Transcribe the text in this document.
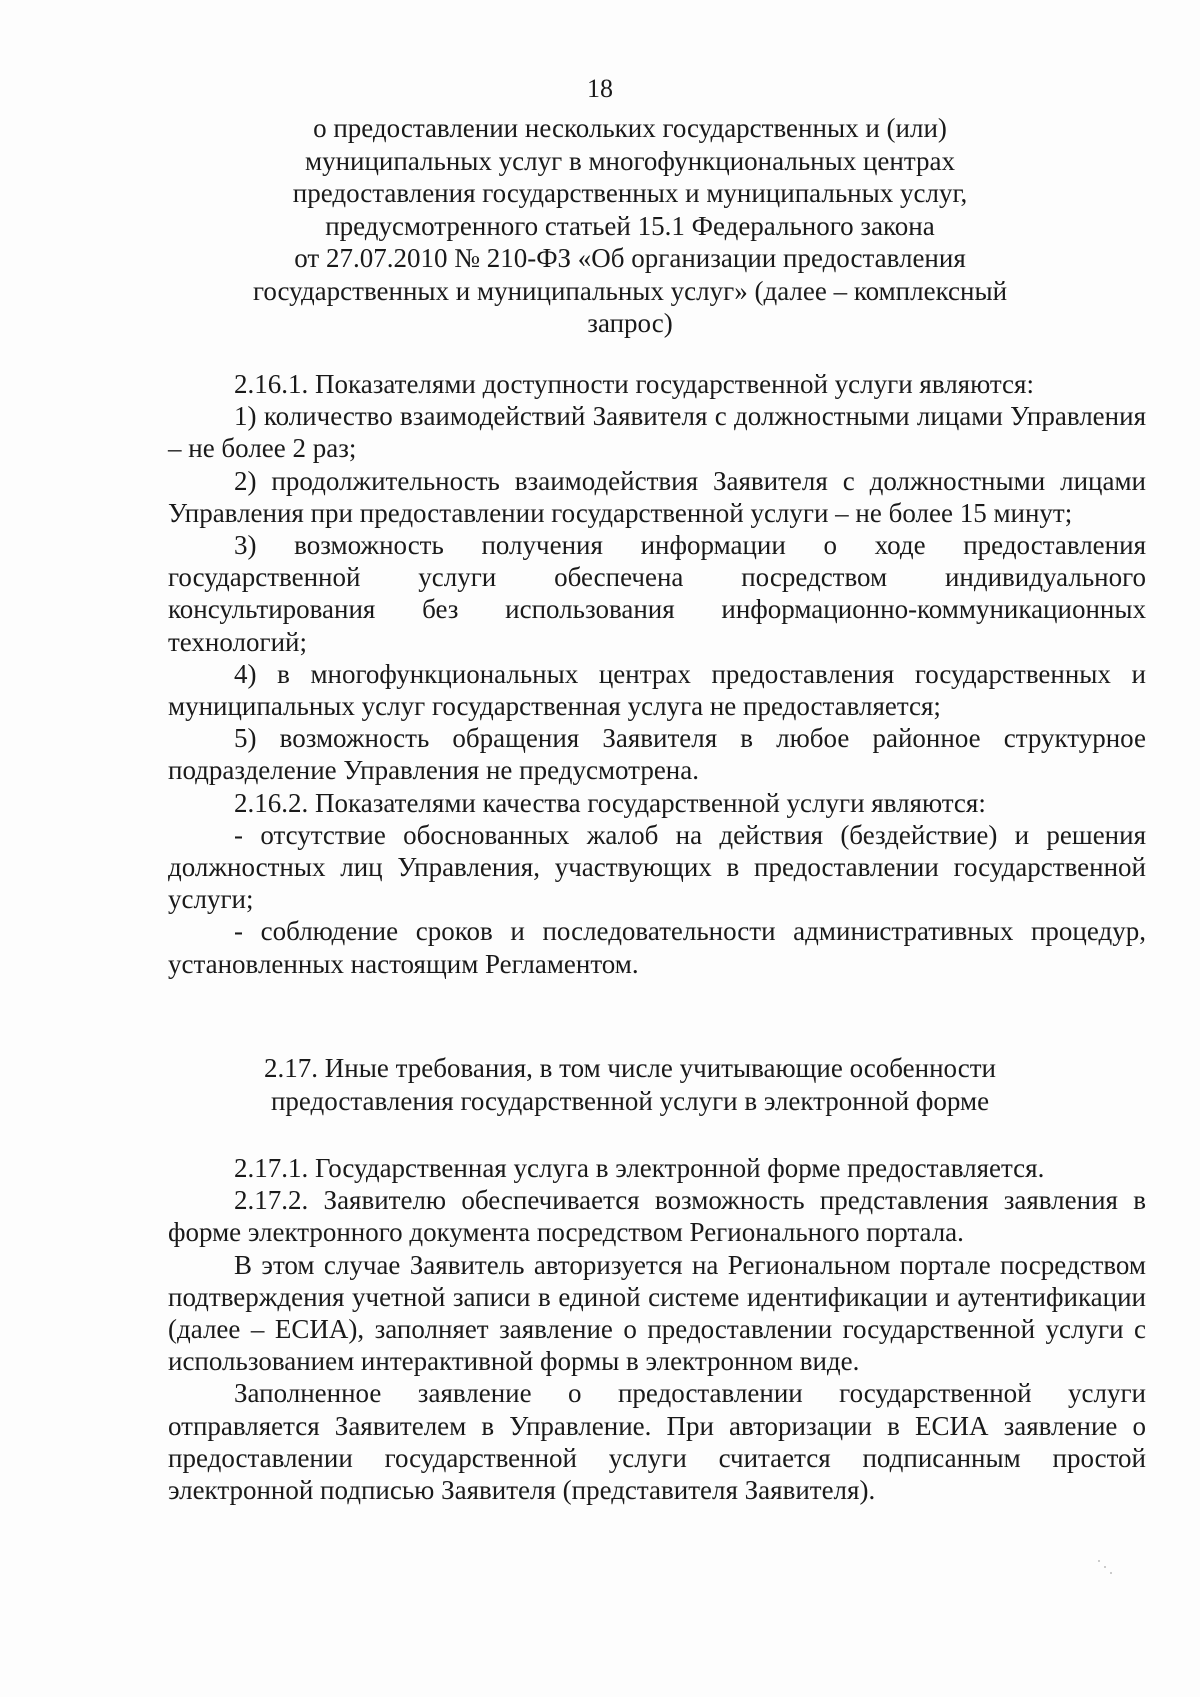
18
о предоставлении нескольких государственных и (или)
муниципальных услуг в многофункциональных центрах
предоставления государственных и муниципальных услуг,
предусмотренного статьей 15.1 Федерального закона
от 27.07.2010 № 210-ФЗ «Об организации предоставления
государственных и муниципальных услуг» (далее – комплексный
запрос)

2.16.1. Показателями доступности государственной услуги являются:

1) количество взаимодействий Заявителя с должностными лицами Управления – не более 2 раз;

2) продолжительность взаимодействия Заявителя с должностными лицами Управления при предоставлении государственной услуги – не более 15 минут;

3) возможность получения информации о ходе предоставления государственной услуги обеспечена посредством индивидуального консультирования без использования информационно-коммуникационных технологий;

4) в многофункциональных центрах предоставления государственных и муниципальных услуг государственная услуга не предоставляется;

5) возможность обращения Заявителя в любое районное структурное подразделение Управления не предусмотрена.

2.16.2. Показателями качества государственной услуги являются:

- отсутствие обоснованных жалоб на действия (бездействие) и решения должностных лиц Управления, участвующих в предоставлении государственной услуги;

- соблюдение сроков и последовательности административных процедур, установленных настоящим Регламентом.

2.17. Иные требования, в том числе учитывающие особенности
предоставления государственной услуги в электронной форме

2.17.1. Государственная услуга в электронной форме предоставляется.

2.17.2. Заявителю обеспечивается возможность представления заявления в форме электронного документа посредством Регионального портала.

В этом случае Заявитель авторизуется на Региональном портале посредством подтверждения учетной записи в единой системе идентификации и аутентификации (далее – ЕСИА), заполняет заявление о предоставлении государственной услуги с использованием интерактивной формы в электронном виде.

Заполненное заявление о предоставлении государственной услуги отправляется Заявителем в Управление. При авторизации в ЕСИА заявление о предоставлении государственной услуги считается подписанным простой электронной подписью Заявителя (представителя Заявителя).
